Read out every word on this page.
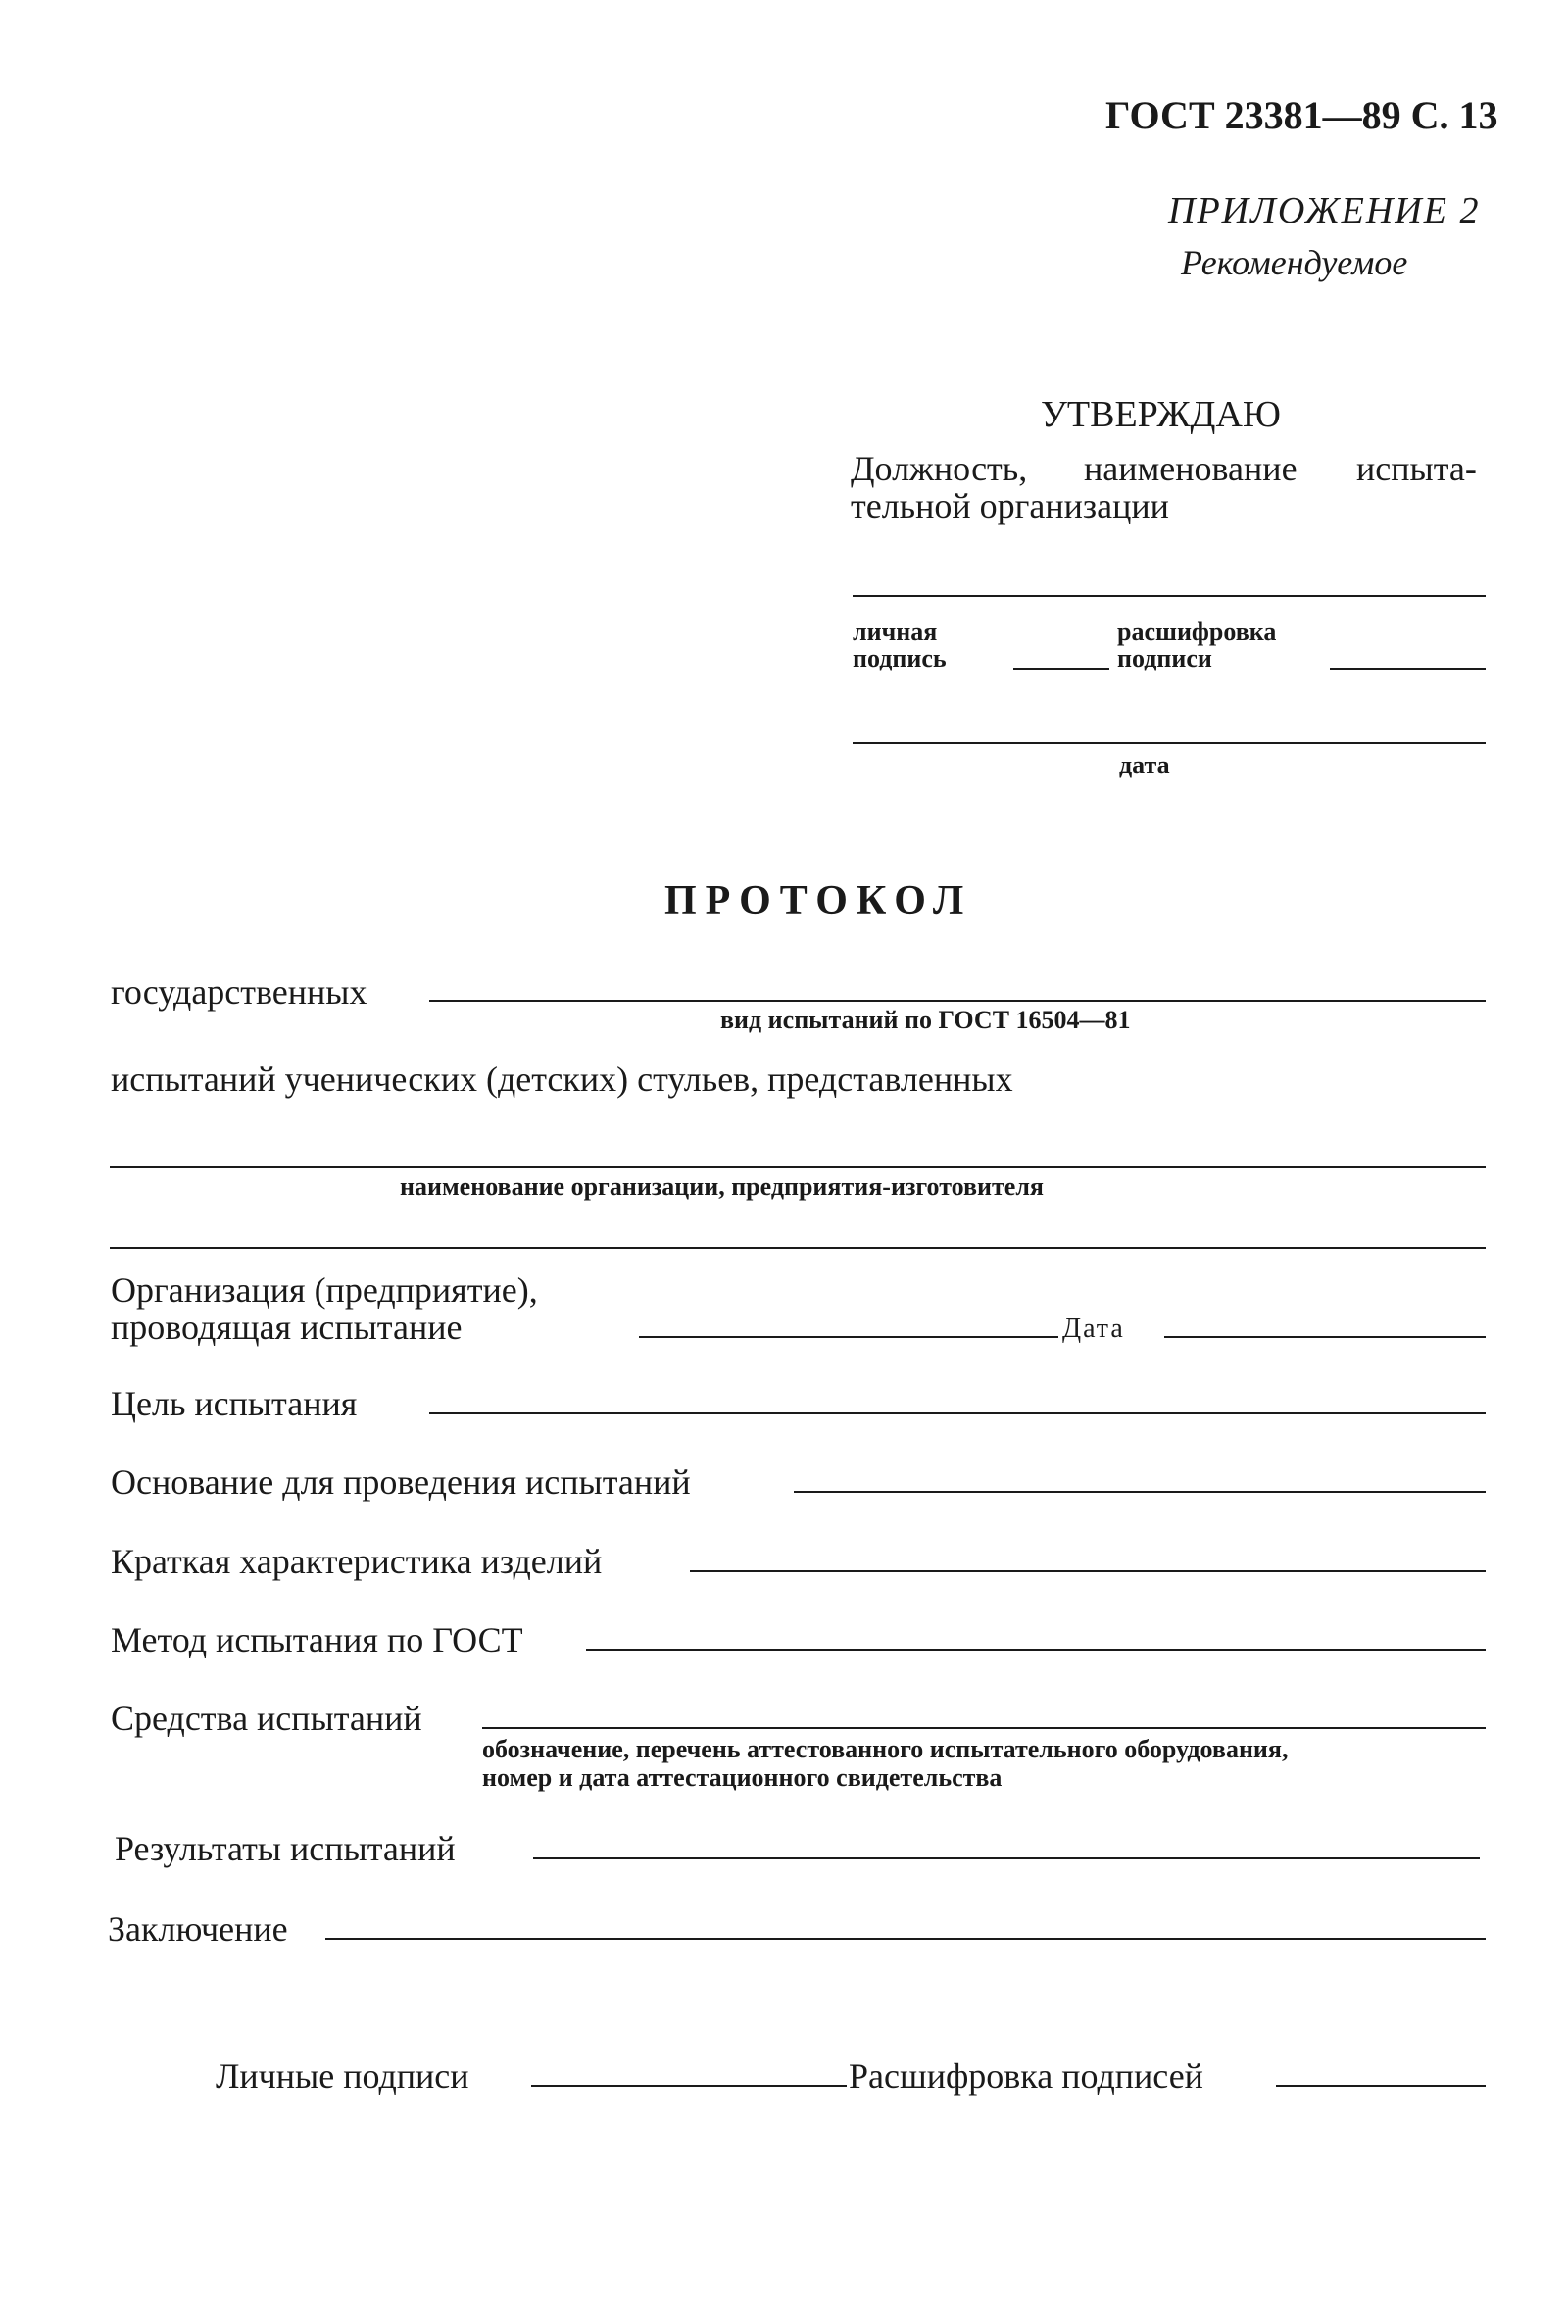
ГОСТ 23381—89 С. 13
ПРИЛОЖЕНИЕ 2
Рекомендуемое
УТВЕРЖДАЮ
Должность, наименование испыта-
тельной организации
личная
подпись
расшифровка
подписи
дата
ПРОТОКОЛ
государственных
вид испытаний по ГОСТ 16504—81
испытаний ученических (детских) стульев, представленных
наименование организации, предприятия-изготовителя
Организация (предприятие),
проводящая испытание	Дата
Цель испытания
Основание для проведения испытаний
Краткая характеристика изделий
Метод испытания по ГОСТ
Средства испытаний
обозначение, перечень аттестованного испытательного оборудования,
номер и дата аттестационного свидетельства
Результаты испытаний
Заключение
Личные подписи	Расшифровка подписей
